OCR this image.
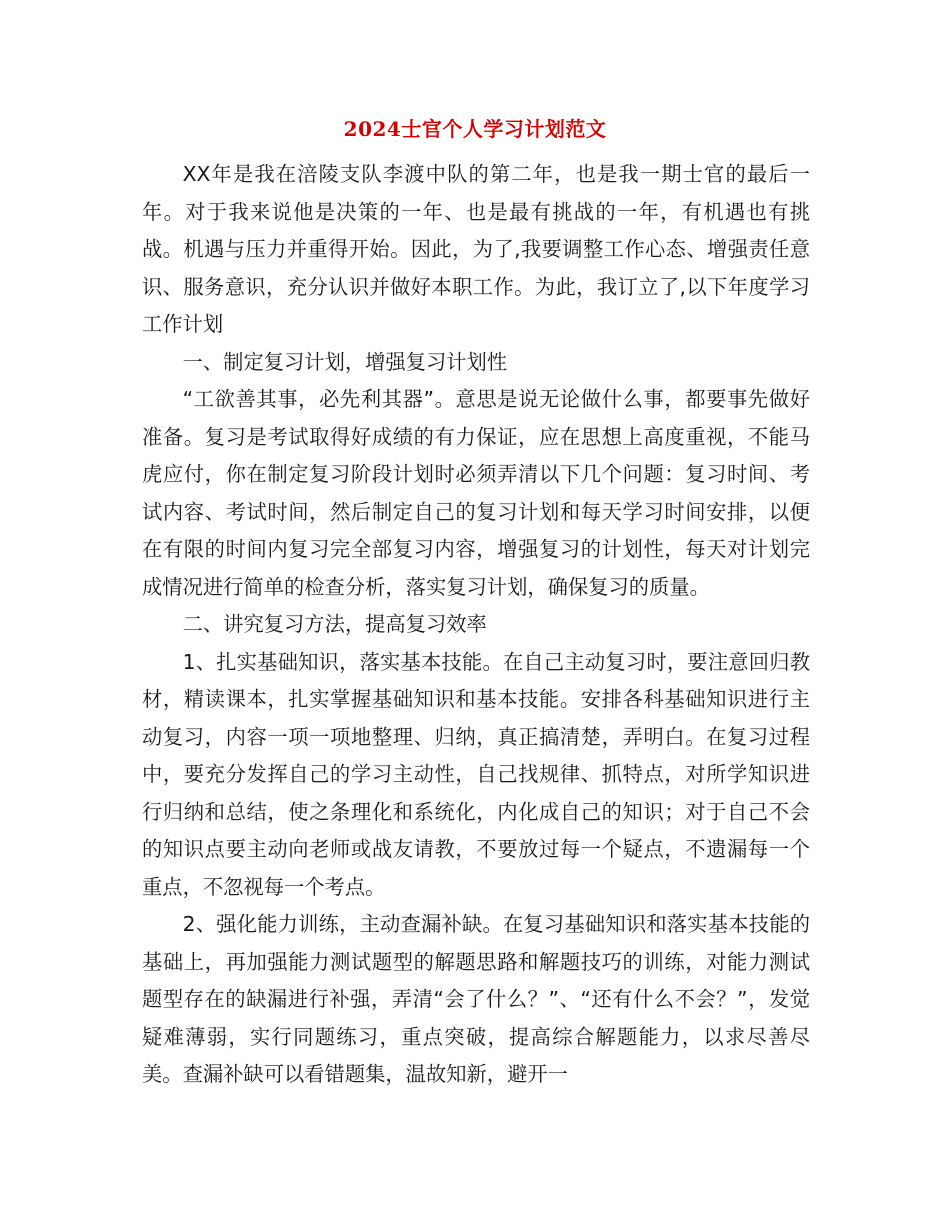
2024士官个人学习计划范文

XX年是我在涪陵支队李渡中队的第二年，也是我一期士官的最后一年。对于我来说他是决策的一年、也是最有挑战的一年，有机遇也有挑战。机遇与压力并重得开始。因此，为了,我要调整工作心态、增强责任意识、服务意识，充分认识并做好本职工作。为此，我订立了,以下年度学习工作计划

一、制定复习计划，增强复习计划性

“工欲善其事，必先利其器”。意思是说无论做什么事，都要事先做好准备。复习是考试取得好成绩的有力保证，应在思想上高度重视，不能马虎应付，你在制定复习阶段计划时必须弄清以下几个问题：复习时间、考试内容、考试时间，然后制定自己的复习计划和每天学习时间安排，以便在有限的时间内复习完全部复习内容，增强复习的计划性，每天对计划完成情况进行简单的检查分析，落实复习计划，确保复习的质量。

二、讲究复习方法，提高复习效率

1、扎实基础知识，落实基本技能。在自己主动复习时，要注意回归教材，精读课本，扎实掌握基础知识和基本技能。安排各科基础知识进行主动复习，内容一项一项地整理、归纳，真正搞清楚，弄明白。在复习过程中，要充分发挥自己的学习主动性，自己找规律、抓特点，对所学知识进行归纳和总结，使之条理化和系统化，内化成自己的知识；对于自己不会的知识点要主动向老师或战友请教，不要放过每一个疑点，不遗漏每一个重点，不忽视每一个考点。

2、强化能力训练，主动查漏补缺。在复习基础知识和落实基本技能的基础上，再加强能力测试题型的解题思路和解题技巧的训练，对能力测试题型存在的缺漏进行补强，弄清“会了什么？”、“还有什么不会？”，发觉疑难薄弱，实行同题练习，重点突破，提高综合解题能力，以求尽善尽美。查漏补缺可以看错题集，温故知新，避开一
